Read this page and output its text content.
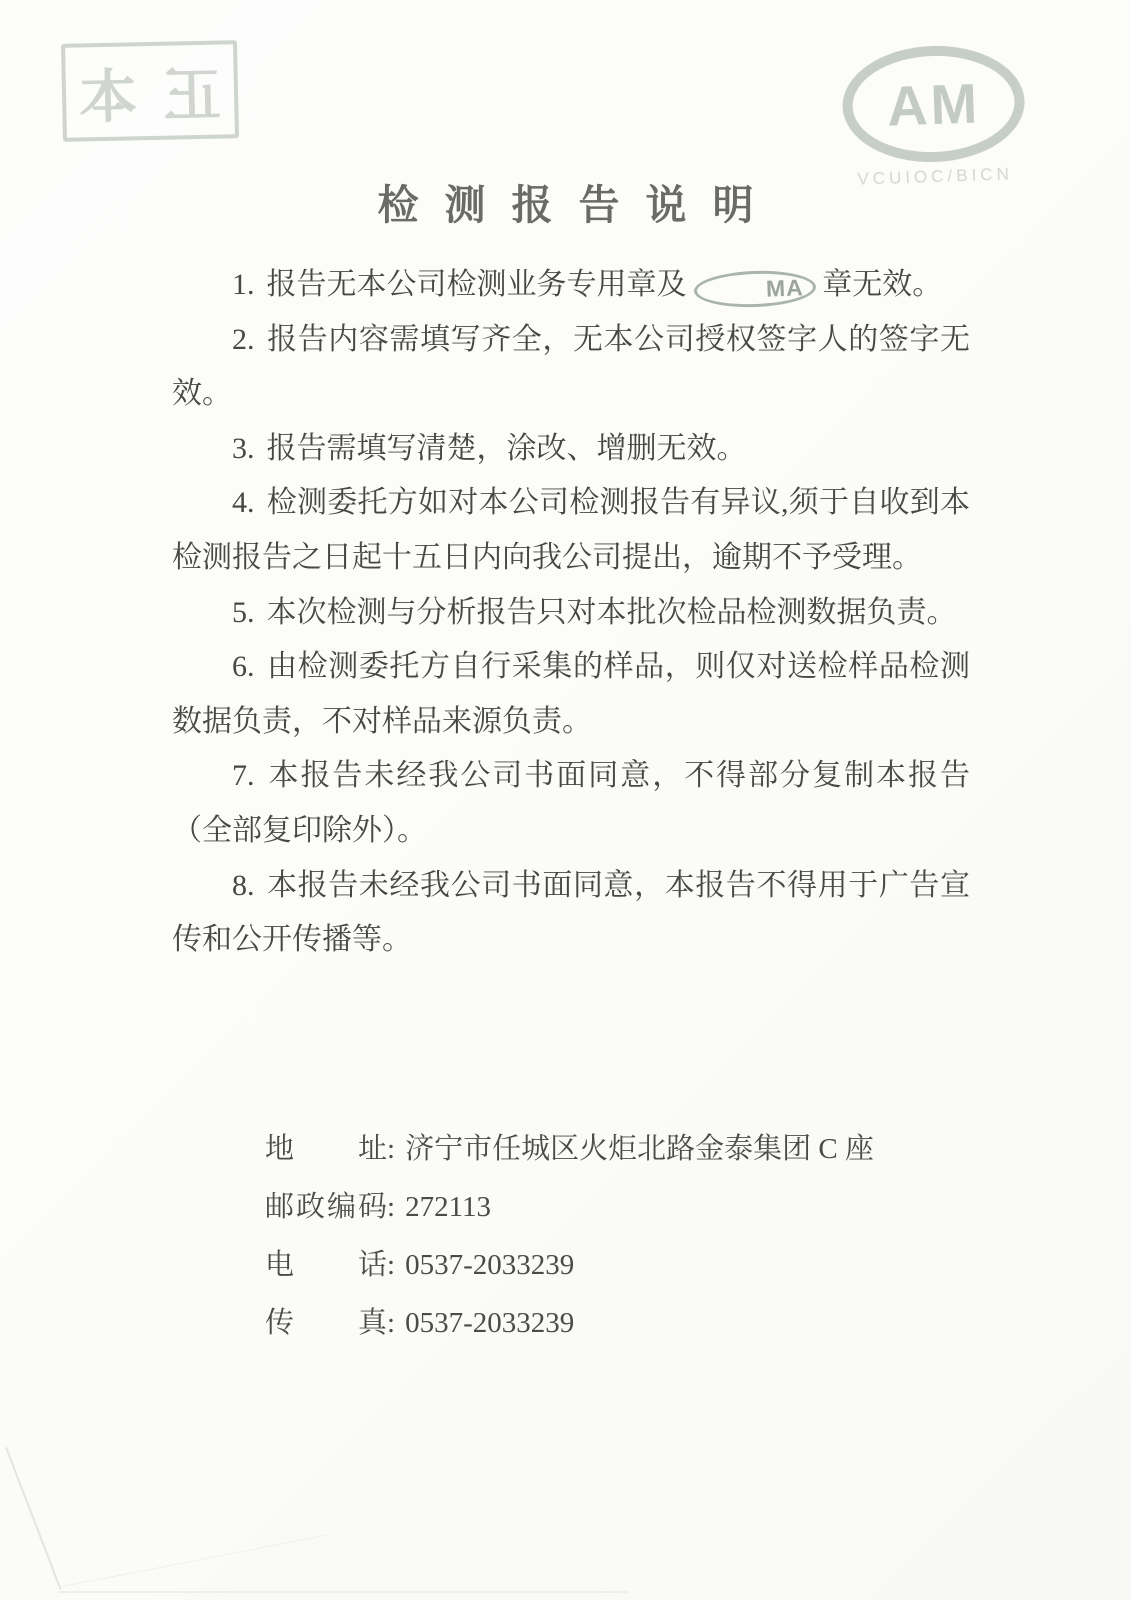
本 正	AM
VCUIOC/BICN
检测报告说明

1. 报告无本公司检测业务专用章及	MA 章无效。

2. 报告内容需填写齐全，无本公司授权签字人的签字无效。

3. 报告需填写清楚，涂改、增删无效。

4. 检测委托方如对本公司检测报告有异议,须于自收到本检测报告之日起十五日内向我公司提出，逾期不予受理。

5. 本次检测与分析报告只对本批次检品检测数据负责。

6. 由检测委托方自行采集的样品，则仅对送检样品检测数据负责，不对样品来源负责。

7. 本报告未经我公司书面同意，不得部分复制本报告（全部复印除外）。

8. 本报告未经我公司书面同意，本报告不得用于广告宣传和公开传播等。

地址: 济宁市任城区火炬北路金泰集团 C 座
邮政编码: 272113
电话: 0537-2033239
传真: 0537-2033239
